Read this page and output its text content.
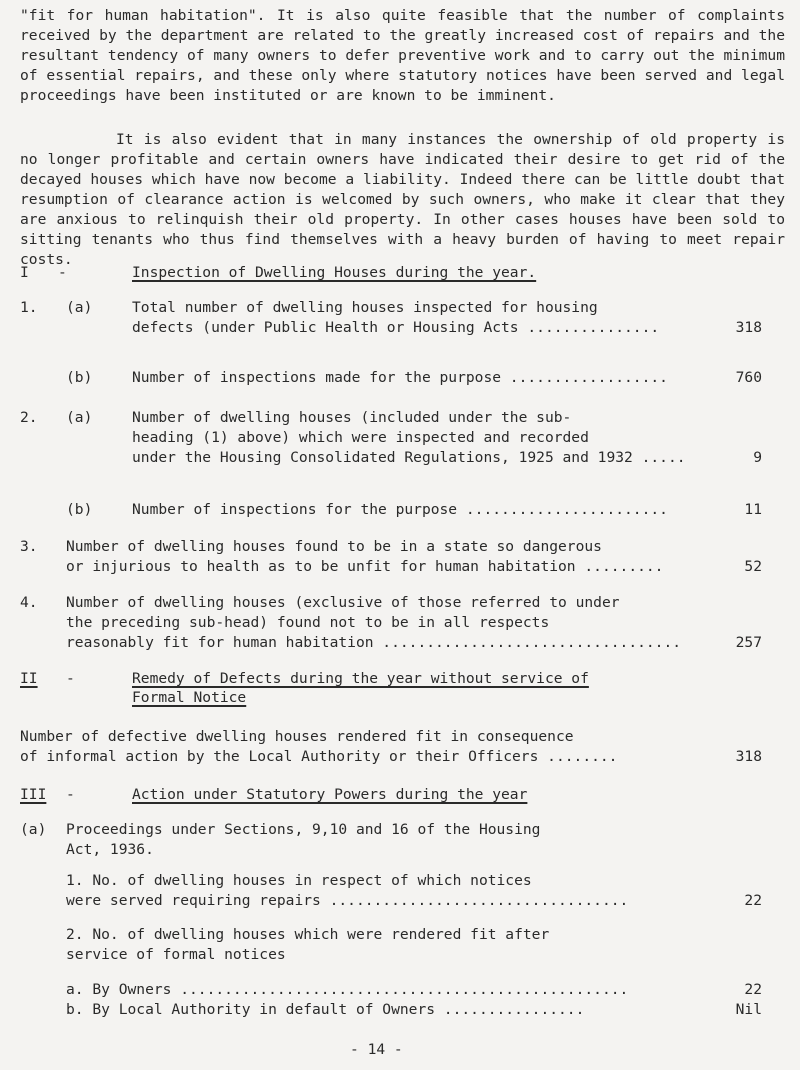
"fit for human habitation". It is also quite feasible that the number of complaints received by the department are related to the greatly increased cost of repairs and the resultant tendency of many owners to defer preventive work and to carry out the minimum of essential repairs, and these only where statutory notices have been served and legal proceedings have been instituted or are known to be imminent.

It is also evident that in many instances the ownership of old property is no longer profitable and certain owners have indicated their desire to get rid of the decayed houses which have now become a liability. Indeed there can be little doubt that resumption of clearance action is welcomed by such owners, who make it clear that they are anxious to relinquish their old property. In other cases houses have been sold to sitting tenants who thus find themselves with a heavy burden of having to meet repair costs.

I -	Inspection of Dwelling Houses during the year.
1. (a)	Total number of dwelling houses inspected for housing
defects (under Public Health or Housing Acts ...............	318
(b)	Number of inspections made for the purpose ..................	760
2. (a)	Number of dwelling houses (included under the sub-
heading (1) above) which were inspected and recorded
under the Housing Consolidated Regulations, 1925 and 1932 .....	9
(b)	Number of inspections for the purpose .......................	11
3. Number of dwelling houses found to be in a state so dangerous
or injurious to health as to be unfit for human habitation .........	52
4. Number of dwelling houses (exclusive of those referred to under
the preceding sub-head) found not to be in all respects
reasonably fit for human habitation ..................................	257
II -	Remedy of Defects during the year without service of
Formal Notice
Number of defective dwelling houses rendered fit in consequence
of informal action by the Local Authority or their Officers ........	318
III -	Action under Statutory Powers during the year
(a) Proceedings under Sections, 9,10 and 16 of the Housing
Act, 1936.
1. No. of dwelling houses in respect of which notices
were served requiring repairs ..................................	22
2. No. of dwelling houses which were rendered fit after
service of formal notices
a. By Owners ...................................................	22
b. By Local Authority in default of Owners ................	Nil
- 14 -
